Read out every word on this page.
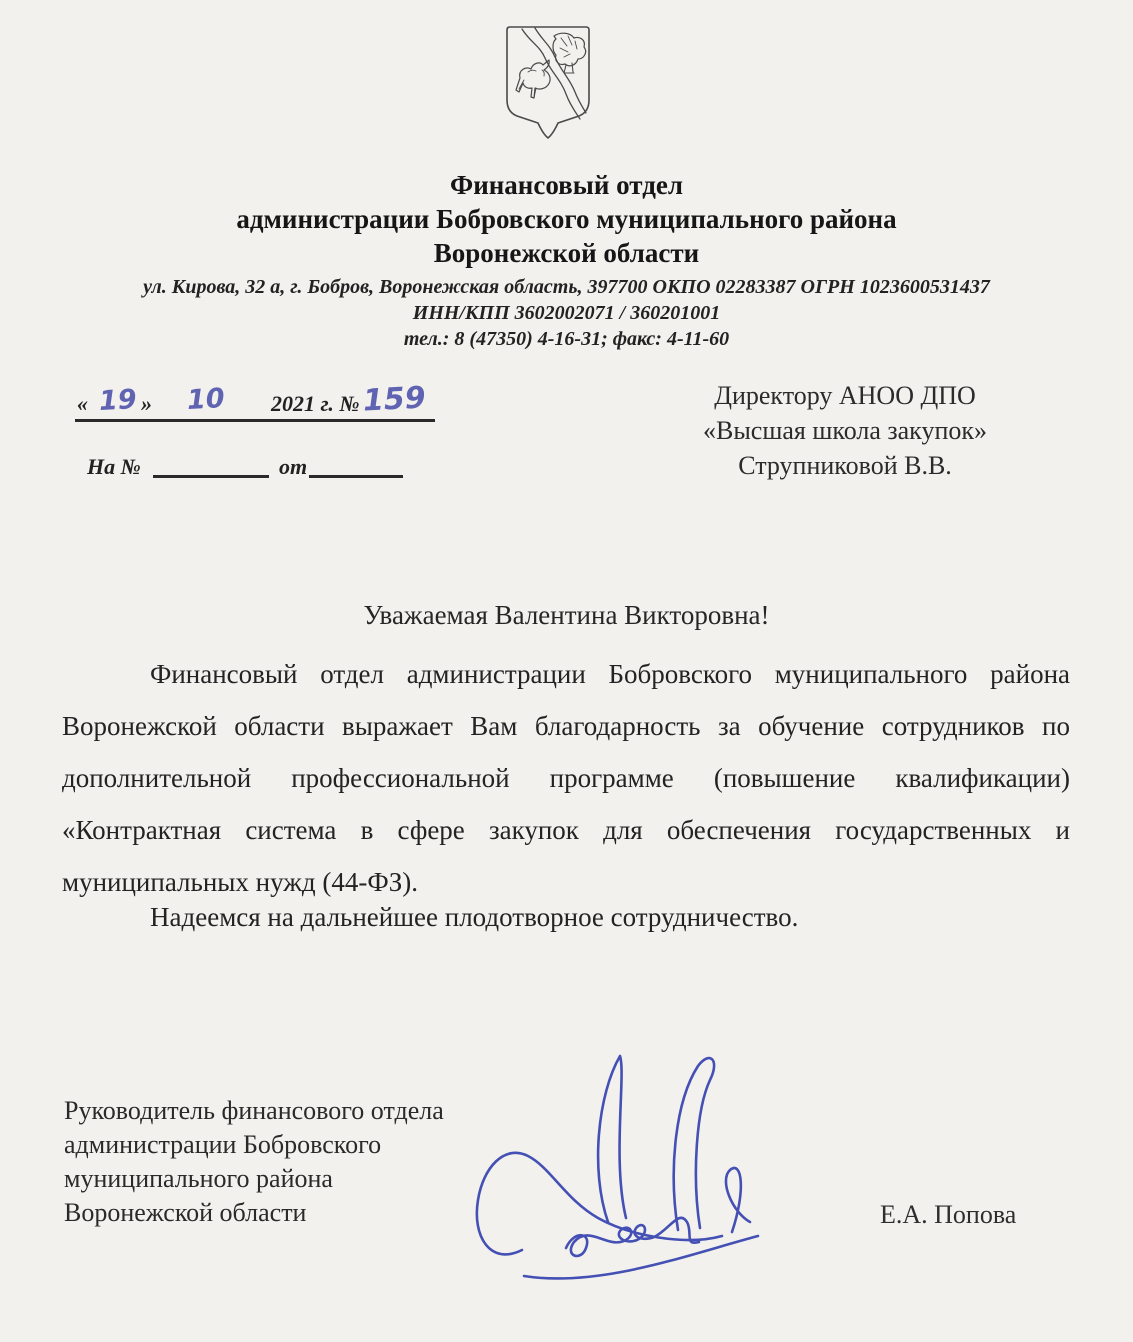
Финансовый отдел
администрации Бобровского муниципального района
Воронежской области
ул. Кирова, 32 а, г. Бобров, Воронежская область, 397700 ОКПО 02283387 ОГРН 1023600531437
ИНН/КПП 3602002071 / 360201001
тел.: 8 (47350) 4-16-31; факс: 4-11-60
« 19 » 10 2021 г. № 159
На №	от
Директору АНОО ДПО
«Высшая школа закупок»
Струпниковой В.В.
Уважаемая Валентина Викторовна!
Финансовый отдел администрации Бобровского муниципального района Воронежской области выражает Вам благодарность за обучение сотрудников по дополнительной профессиональной программе (повышение квалификации) «Контрактная система в сфере закупок для обеспечения государственных и муниципальных нужд (44-ФЗ).
Надеемся на дальнейшее плодотворное сотрудничество.
Руководитель финансового отдела
администрации Бобровского
муниципального района
Воронежской области	Е.А. Попова
